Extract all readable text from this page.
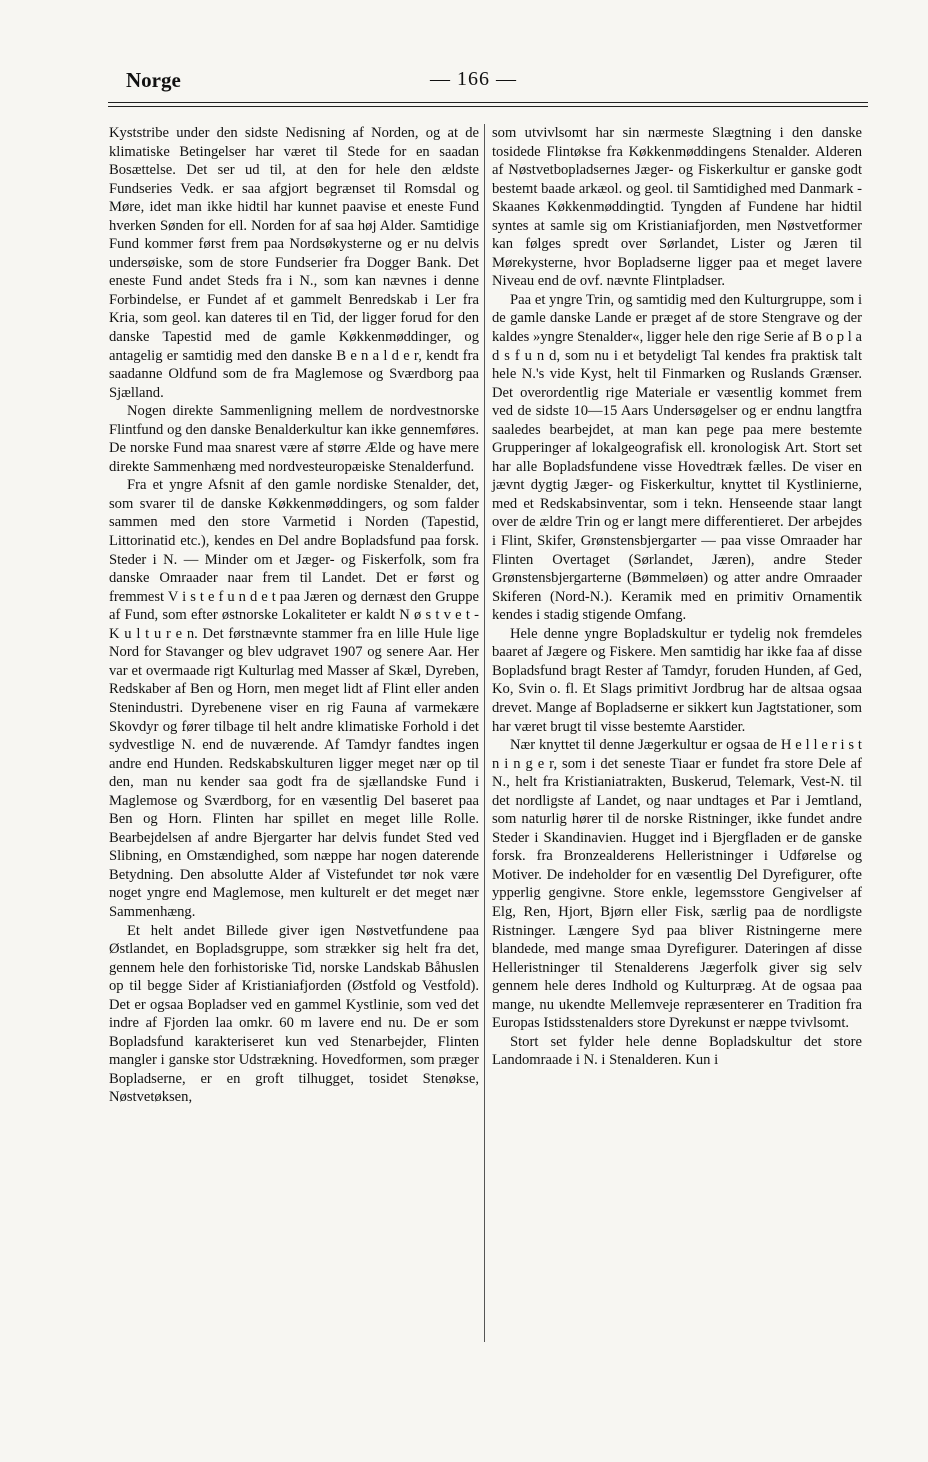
Norge	— 166 —

Kyststribe under den sidste Nedisning af Norden, og at de klimatiske Betingelser har været til Stede for en saadan Bosættelse. Det ser ud til, at den for hele den ældste Fundseries Vedk. er saa afgjort begrænset til Romsdal og Møre, idet man ikke hidtil har kunnet paavise et eneste Fund hverken Sønden for ell. Norden for af saa høj Alder. Samtidige Fund kommer først frem paa Nordsøkysterne og er nu delvis undersøiske, som de store Fundserier fra Dogger Bank. Det eneste Fund andet Steds fra i N., som kan nævnes i denne Forbindelse, er Fundet af et gammelt Benredskab i Ler fra Kria, som geol. kan dateres til en Tid, der ligger forud for den danske Tapestid med de gamle Køkkenmøddinger, og antagelig er samtidig med den danske B e n a l d e r, kendt fra saadanne Oldfund som de fra Maglemose og Sværdborg paa Sjælland.

Nogen direkte Sammenligning mellem de nordvestnorske Flintfund og den danske Benalderkultur kan ikke gennemføres. De norske Fund maa snarest være af større Ælde og have mere direkte Sammenhæng med nordvesteuropæiske Stenalderfund.

Fra et yngre Afsnit af den gamle nordiske Stenalder, det, som svarer til de danske Køkkenmøddingers, og som falder sammen med den store Varmetid i Norden (Tapestid, Littorinatid etc.), kendes en Del andre Bopladsfund paa forsk. Steder i N. — Minder om et Jæger- og Fiskerfolk, som fra danske Omraader naar frem til Landet. Det er først og fremmest V i s t e f u n d e t paa Jæren og dernæst den Gruppe af Fund, som efter østnorske Lokaliteter er kaldt N ø s t v e t - K u l t u r e n. Det førstnævnte stammer fra en lille Hule lige Nord for Stavanger og blev udgravet 1907 og senere Aar. Her var et overmaade rigt Kulturlag med Masser af Skæl, Dyreben, Redskaber af Ben og Horn, men meget lidt af Flint eller anden Stenindustri. Dyrebenene viser en rig Fauna af varmekære Skovdyr og fører tilbage til helt andre klimatiske Forhold i det sydvestlige N. end de nuværende. Af Tamdyr fandtes ingen andre end Hunden. Redskabskulturen ligger meget nær op til den, man nu kender saa godt fra de sjællandske Fund i Maglemose og Sværdborg, for en væsentlig Del baseret paa Ben og Horn. Flinten har spillet en meget lille Rolle. Bearbejdelsen af andre Bjergarter har delvis fundet Sted ved Slibning, en Omstændighed, som næppe har nogen daterende Betydning. Den absolutte Alder af Vistefundet tør nok være noget yngre end Maglemose, men kulturelt er det meget nær Sammenhæng.

Et helt andet Billede giver igen Nøstvetfundene paa Østlandet, en Bopladsgruppe, som strækker sig helt fra det, gennem hele den forhistoriske Tid, norske Landskab Båhuslen op til begge Sider af Kristianiafjorden (Østfold og Vestfold). Det er ogsaa Bopladser ved en gammel Kystlinie, som ved det indre af Fjorden laa omkr. 60 m lavere end nu. De er som Bopladsfund karakteriseret kun ved Stenarbejder, Flinten mangler i ganske stor Udstrækning. Hovedformen, som præger Bopladserne, er en groft tilhugget, tosidet Stenøkse, Nøstvetøksen,

som utvivlsomt har sin nærmeste Slægtning i den danske tosidede Flintøkse fra Køkkenmøddingens Stenalder. Alderen af Nøstvetbopladsernes Jæger- og Fiskerkultur er ganske godt bestemt baade arkæol. og geol. til Samtidighed med Danmark - Skaanes Køkkenmøddingtid. Tyngden af Fundene har hidtil syntes at samle sig om Kristianiafjorden, men Nøstvetformer kan følges spredt over Sørlandet, Lister og Jæren til Mørekysterne, hvor Bopladserne ligger paa et meget lavere Niveau end de ovf. nævnte Flintpladser.

Paa et yngre Trin, og samtidig med den Kulturgruppe, som i de gamle danske Lande er præget af de store Stengrave og der kaldes »yngre Stenalder«, ligger hele den rige Serie af B o p l a d s f u n d, som nu i et betydeligt Tal kendes fra praktisk talt hele N.'s vide Kyst, helt til Finmarken og Ruslands Grænser. Det overordentlig rige Materiale er væsentlig kommet frem ved de sidste 10—15 Aars Undersøgelser og er endnu langtfra saaledes bearbejdet, at man kan pege paa mere bestemte Grupperinger af lokalgeografisk ell. kronologisk Art. Stort set har alle Bopladsfundene visse Hovedtræk fælles. De viser en jævnt dygtig Jæger- og Fiskerkultur, knyttet til Kystlinierne, med et Redskabsinventar, som i tekn. Henseende staar langt over de ældre Trin og er langt mere differentieret. Der arbejdes i Flint, Skifer, Grønstensbjergarter — paa visse Omraader har Flinten Overtaget (Sørlandet, Jæren), andre Steder Grønstensbjergarterne (Bømmeløen) og atter andre Omraader Skiferen (Nord-N.). Keramik med en primitiv Ornamentik kendes i stadig stigende Omfang.

Hele denne yngre Bopladskultur er tydelig nok fremdeles baaret af Jægere og Fiskere. Men samtidig har ikke faa af disse Bopladsfund bragt Rester af Tamdyr, foruden Hunden, af Ged, Ko, Svin o. fl. Et Slags primitivt Jordbrug har de altsaa ogsaa drevet. Mange af Bopladserne er sikkert kun Jagtstationer, som har været brugt til visse bestemte Aarstider.

Nær knyttet til denne Jægerkultur er ogsaa de H e l l e r i s t n i n g e r, som i det seneste Tiaar er fundet fra store Dele af N., helt fra Kristianiatrakten, Buskerud, Telemark, Vest-N. til det nordligste af Landet, og naar undtages et Par i Jemtland, som naturlig hører til de norske Ristninger, ikke fundet andre Steder i Skandinavien. Hugget ind i Bjergfladen er de ganske forsk. fra Bronzealderens Helleristninger i Udførelse og Motiver. De indeholder for en væsentlig Del Dyrefigurer, ofte ypperlig gengivne. Store enkle, legemsstore Gengivelser af Elg, Ren, Hjort, Bjørn eller Fisk, særlig paa de nordligste Ristninger. Længere Syd paa bliver Ristningerne mere blandede, med mange smaa Dyrefigurer. Dateringen af disse Helleristninger til Stenalderens Jægerfolk giver sig selv gennem hele deres Indhold og Kulturpræg. At de ogsaa paa mange, nu ukendte Mellemveje repræsenterer en Tradition fra Europas Istidsstenalders store Dyrekunst er næppe tvivlsomt.

Stort set fylder hele denne Bopladskultur det store Landomraade i N. i Stenalderen. Kun i
